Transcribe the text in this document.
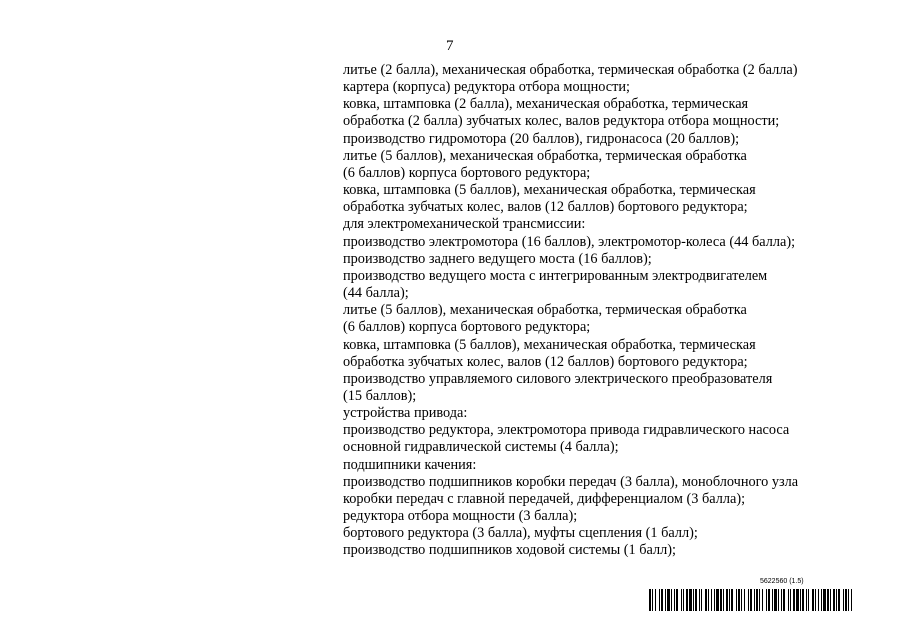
7
литье (2 балла), механическая обработка, термическая обработка (2 балла)
картера (корпуса) редуктора отбора мощности;
ковка, штамповка (2 балла), механическая обработка, термическая
обработка (2 балла) зубчатых колес, валов редуктора отбора мощности;
производство гидромотора (20 баллов), гидронасоса (20 баллов);
литье (5 баллов), механическая обработка, термическая обработка
(6 баллов) корпуса бортового редуктора;
ковка, штамповка (5 баллов), механическая обработка, термическая
обработка зубчатых колес, валов (12 баллов) бортового редуктора;
для электромеханической трансмиссии:
производство электромотора (16 баллов), электромотор-колеса (44 балла);
производство заднего ведущего моста (16 баллов);
производство ведущего моста с интегрированным электродвигателем
(44 балла);
литье (5 баллов), механическая обработка, термическая обработка
(6 баллов) корпуса бортового редуктора;
ковка, штамповка (5 баллов), механическая обработка, термическая
обработка зубчатых колес, валов (12 баллов) бортового редуктора;
производство управляемого силового электрического преобразователя
(15 баллов);
устройства привода:
производство редуктора, электромотора привода гидравлического насоса
основной гидравлической системы (4 балла);
подшипники качения:
производство подшипников коробки передач (3 балла), моноблочного узла
коробки передач с главной передачей, дифференциалом (3 балла);
редуктора отбора мощности (3 балла);
бортового редуктора (3 балла), муфты сцепления (1 балл);
производство подшипников ходовой системы (1 балл);
5622560 (1.5)
